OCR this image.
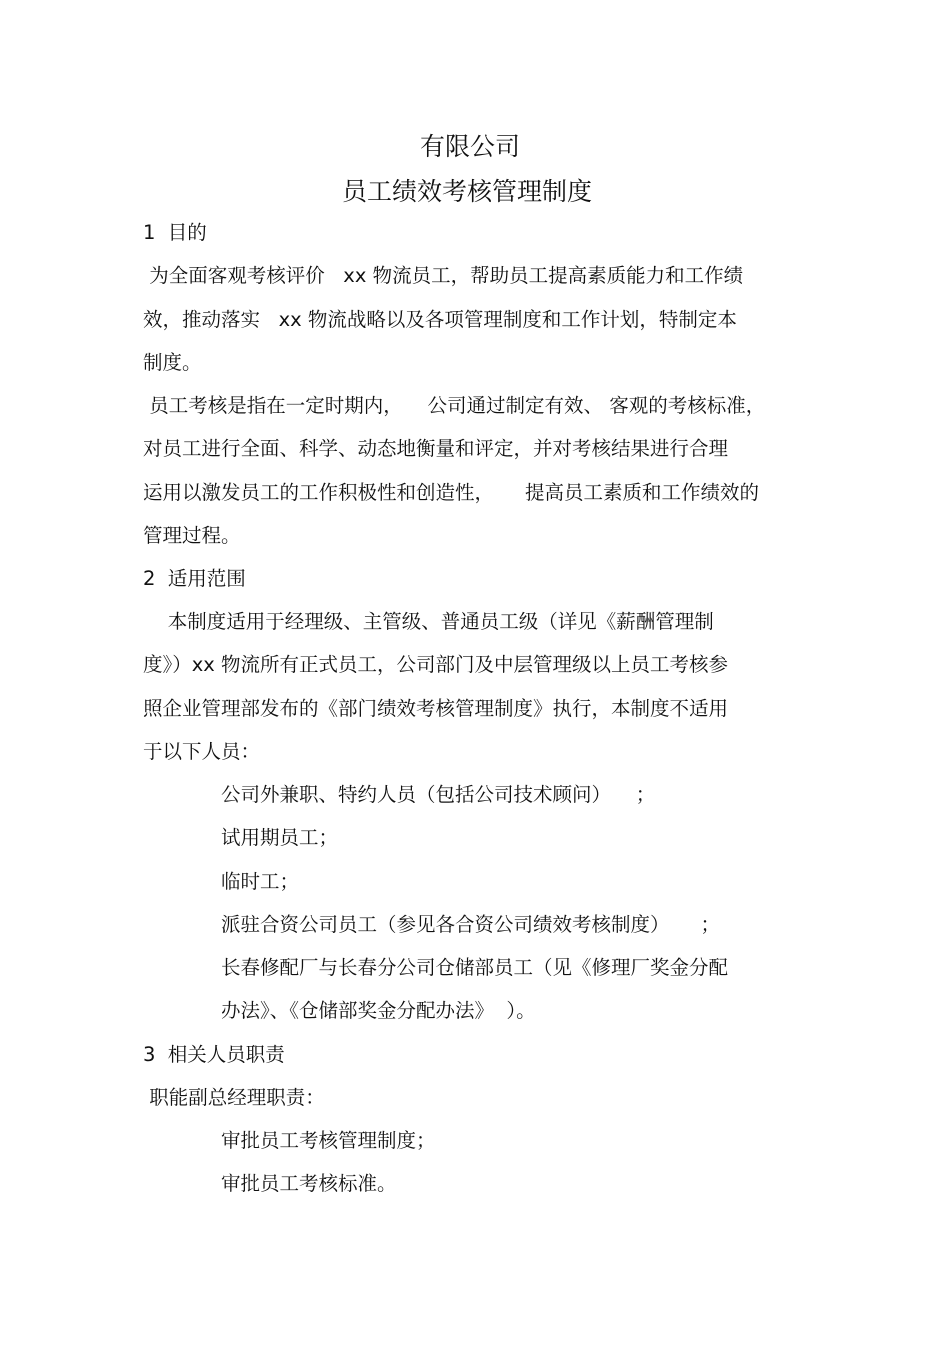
有限公司
员工绩效考核管理制度

1  目的

为全面客观考核评价   xx 物流员工，帮助员工提高素质能力和工作绩

效，推动落实   xx 物流战略以及各项管理制度和工作计划，特制定本

制度。

员工考核是指在一定时期内，    公司通过制定有效、 客观的考核标准，

对员工进行全面、科学、动态地衡量和评定，并对考核结果进行合理

运用以激发员工的工作积极性和创造性，     提高员工素质和工作绩效的

管理过程。

2  适用范围

本制度适用于经理级、主管级、普通员工级（详见《薪酬管理制

度》）xx 物流所有正式员工，公司部门及中层管理级以上员工考核参

照企业管理部发布的《部门绩效考核管理制度》执行，本制度不适用

于以下人员：

公司外兼职、特约人员（包括公司技术顾问）    ；

试用期员工；

临时工；

派驻合资公司员工（参见各合资公司绩效考核制度）     ；

长春修配厂与长春分公司仓储部员工（见《修理厂奖金分配

办法》、《仓储部奖金分配办法》  ）。

3  相关人员职责

职能副总经理职责：

审批员工考核管理制度；

审批员工考核标准。
